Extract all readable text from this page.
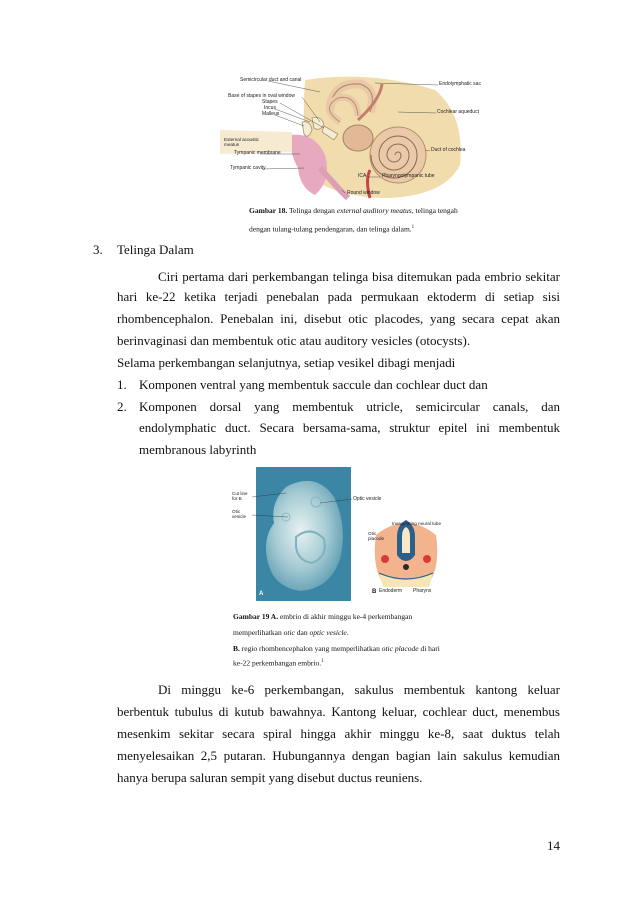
Semicircular duct and canal
Base of stapes in oval window
Stapes
Incus
Malleus
External acoustic meatus
Tympanic membrane
Tympanic cavity
Endolymphatic sac
Cochlear aqueduct
Duct of cochlea
ICA	Pharyngotympanic tube
Round window
Gambar 18. Telinga dengan external auditory meatus, telinga tengah
dengan tulang-tulang pendengaran, dan telinga dalam.$^1$
3. Telinga Dalam
Ciri pertama dari perkembangan telinga bisa ditemukan pada embrio sekitar
hari ke-22 ketika terjadi penebalan pada permukaan ektoderm di setiap sisi
rhombencephalon. Penebalan ini, disebut otic placodes, yang secara cepat akan
berinvaginasi dan membentuk otic atau auditory vesicles (otocysts).
Selama perkembangan selanjutnya, setiap vesikel dibagi menjadi
1. Komponen ventral yang membentuk saccule dan cochlear duct dan
2. Komponen dorsal yang membentuk utricle, semicircular canals, dan
endolymphatic duct. Secara bersama-sama, struktur epitel ini membentuk
membranous labyrinth
A
Cut line for B
Otic vesicle
Optic vesicle
Invaginating neural tube
Otic placode
Endoderm Pharynx
B
Gambar 19 A. embrio di akhir minggu ke-4 perkembangan
memperlihatkan otic dan optic vesicle.
B. regio rhombencephalon yang memperlihatkan otic placode di hari
ke-22 perkembangan embrio.$^1$
Di minggu ke-6 perkembangan, sakulus membentuk kantong keluar
berbentuk tubulus di kutub bawahnya. Kantong keluar, cochlear duct, menembus
mesenkim sekitar secara spiral hingga akhir minggu ke-8, saat duktus telah
menyelesaikan 2,5 putaran. Hubungannya dengan bagian lain sakulus kemudian
hanya berupa saluran sempit yang disebut ductus reuniens.
14
